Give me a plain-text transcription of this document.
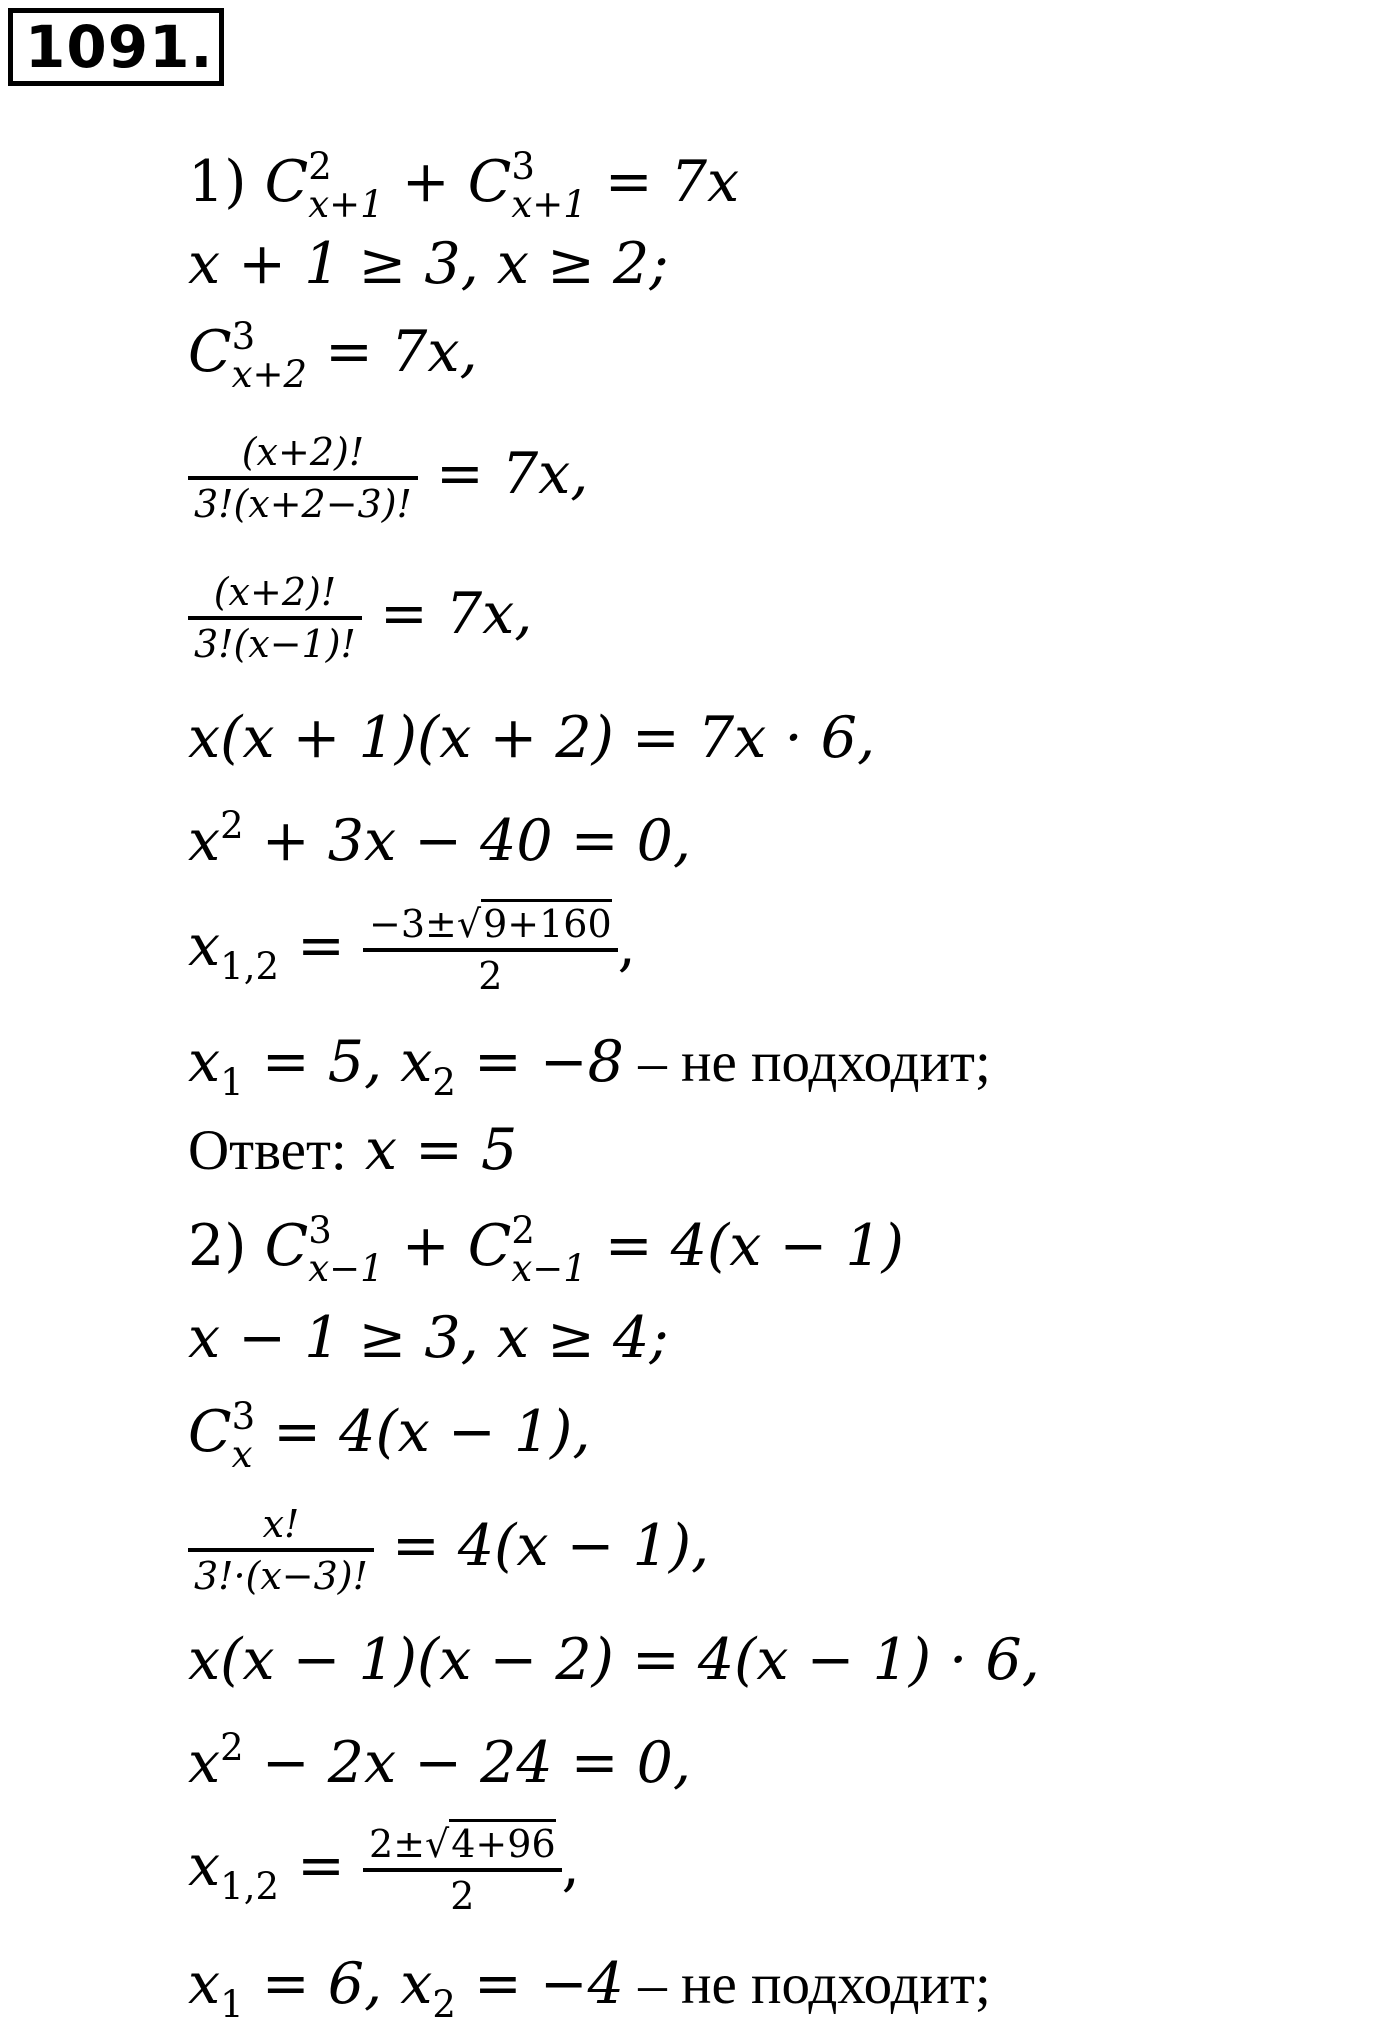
1091.
1) C 2
x+1 + C 3
x+1 = 7x
x + 1 ≥ 3, x ≥ 2;
C 3
x+2 = 7x,
$\frac{(x+2)!}{3!(x+2-3)!} = 7x$,
$\frac{(x+2)!}{3!(x-1)!} = 7x$,
x(x + 1)(x + 2) = 7x · 6,
$x^2 + 3x - 40 = 0$,
$x_{1,2} = \frac{-3\pm√9+160}{2}$ ,
$x_1 = 5$, $x_2 = -8$ – не подходит;
Ответ: x = 5
2) C 3
x−1 + C 2
x−1 = 4(x − 1)
x − 1 ≥ 3, x ≥ 4;
C 3
x = 4(x − 1),
$\frac{x!}{3!\cdot(x-3)!} = 4(x - 1)$,
x(x − 1)(x − 2) = 4(x − 1) · 6,
$x^2 - 2x - 24 = 0$,
$x_{1,2} = \frac{2\pm√4+96}{2}$ ,
$x_1 = 6$, $x_2 = -4$ – не подходит;
